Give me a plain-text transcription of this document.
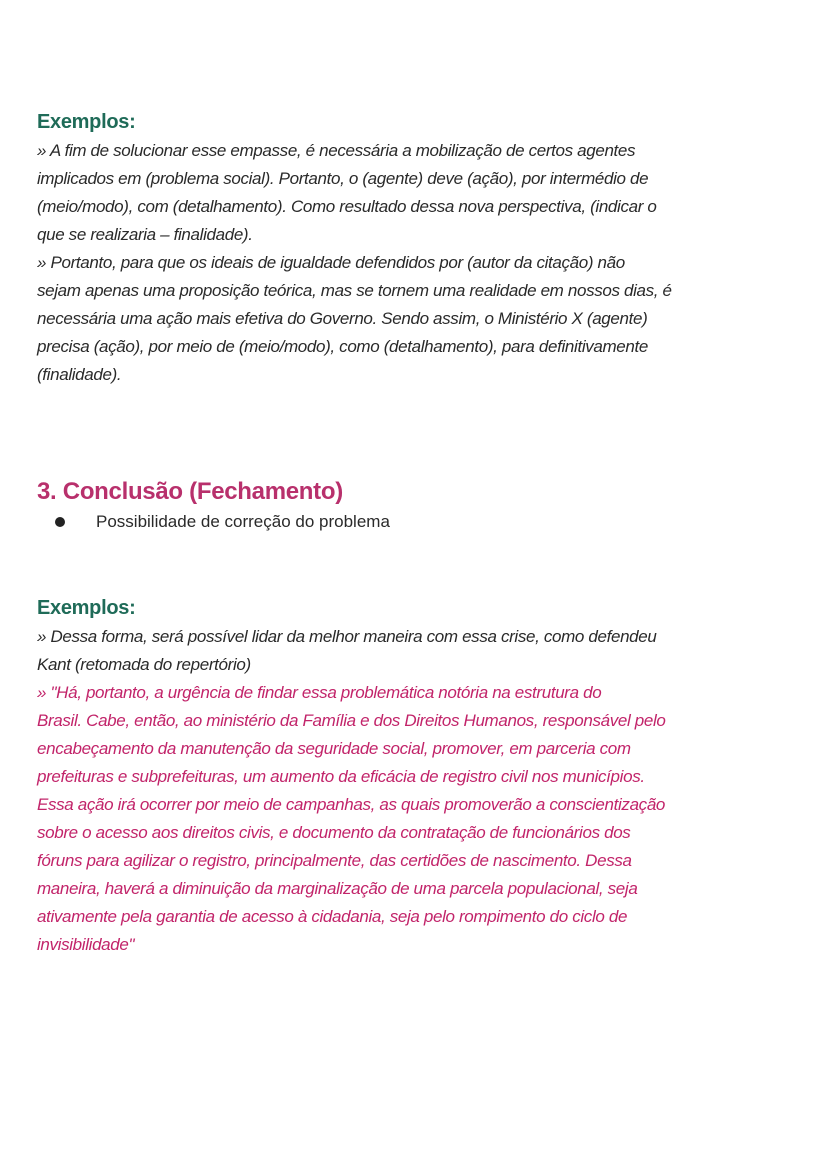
Exemplos:
» A fim de solucionar esse empasse, é necessária a mobilização de certos agentes
implicados em (problema social). Portanto, o (agente) deve (ação), por intermédio de
(meio/modo), com (detalhamento). Como resultado dessa nova perspectiva, (indicar o
que se realizaria – finalidade).
» Portanto, para que os ideais de igualdade defendidos por (autor da citação) não
sejam apenas uma proposição teórica, mas se tornem uma realidade em nossos dias, é
necessária uma ação mais efetiva do Governo. Sendo assim, o Ministério X (agente)
precisa (ação), por meio de (meio/modo), como (detalhamento), para definitivamente
(finalidade).
3. Conclusão (Fechamento)
Possibilidade de correção do problema
Exemplos:
» Dessa forma, será possível lidar da melhor maneira com essa crise, como defendeu
Kant (retomada do repertório)
» "Há, portanto, a urgência de findar essa problemática notória na estrutura do
Brasil. Cabe, então, ao ministério da Família e dos Direitos Humanos, responsável pelo
encabeçamento da manutenção da seguridade social, promover, em parceria com
prefeituras e subprefeituras, um aumento da eficácia de registro civil nos municípios.
Essa ação irá ocorrer por meio de campanhas, as quais promoverão a conscientização
sobre o acesso aos direitos civis, e documento da contratação de funcionários dos
fóruns para agilizar o registro, principalmente, das certidões de nascimento. Dessa
maneira, haverá a diminuição da marginalização de uma parcela populacional, seja
ativamente pela garantia de acesso à cidadania, seja pelo rompimento do ciclo de
invisibilidade"
